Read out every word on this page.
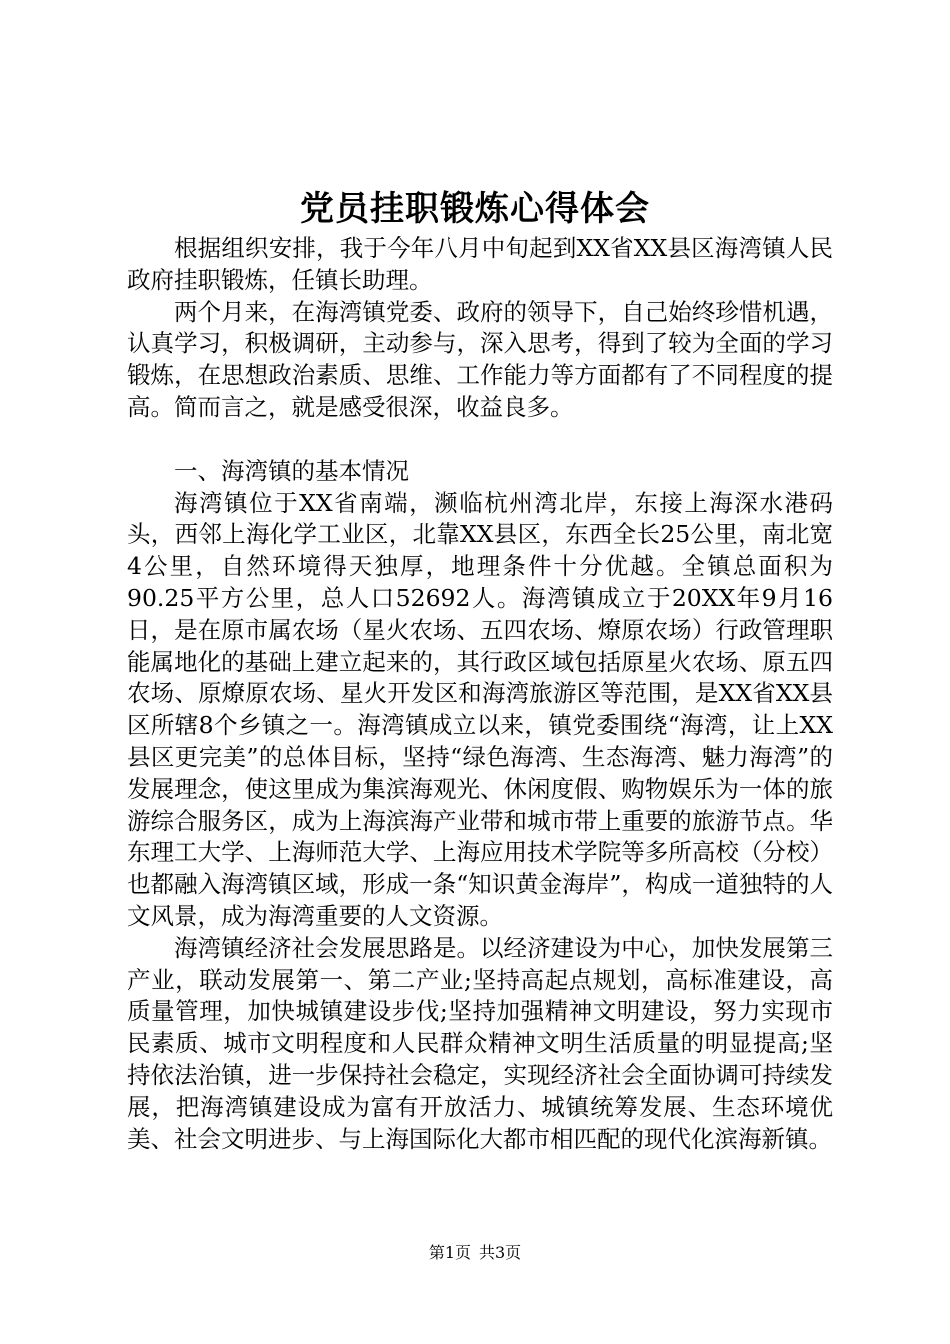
党员挂职锻炼心得体会

根据组织安排，我于今年八月中旬起到XX省XX县区海湾镇人民政府挂职锻炼，任镇长助理。

两个月来，在海湾镇党委、政府的领导下，自己始终珍惜机遇，认真学习，积极调研，主动参与，深入思考，得到了较为全面的学习锻炼，在思想政治素质、思维、工作能力等方面都有了不同程度的提高。简而言之，就是感受很深，收益良多。

一、海湾镇的基本情况

海湾镇位于XX省南端，濒临杭州湾北岸，东接上海深水港码头，西邻上海化学工业区，北靠XX县区，东西全长25公里，南北宽4公里，自然环境得天独厚，地理条件十分优越。全镇总面积为90.25平方公里，总人口52692人。海湾镇成立于20XX年9月16日，是在原市属农场（星火农场、五四农场、燎原农场）行政管理职能属地化的基础上建立起来的，其行政区域包括原星火农场、原五四农场、原燎原农场、星火开发区和海湾旅游区等范围，是XX省XX县区所辖8个乡镇之一。海湾镇成立以来，镇党委围绕“海湾，让上XX县区更完美”的总体目标，坚持“绿色海湾、生态海湾、魅力海湾”的发展理念，使这里成为集滨海观光、休闲度假、购物娱乐为一体的旅游综合服务区，成为上海滨海产业带和城市带上重要的旅游节点。华东理工大学、上海师范大学、上海应用技术学院等多所高校（分校）也都融入海湾镇区域，形成一条“知识黄金海岸”，构成一道独特的人文风景，成为海湾重要的人文资源。

海湾镇经济社会发展思路是。以经济建设为中心，加快发展第三产业，联动发展第一、第二产业;坚持高起点规划，高标准建设，高质量管理，加快城镇建设步伐;坚持加强精神文明建设，努力实现市民素质、城市文明程度和人民群众精神文明生活质量的明显提高;坚持依法治镇，进一步保持社会稳定，实现经济社会全面协调可持续发展，把海湾镇建设成为富有开放活力、城镇统筹发展、生态环境优美、社会文明进步、与上海国际化大都市相匹配的现代化滨海新镇。

第1页 共3页
